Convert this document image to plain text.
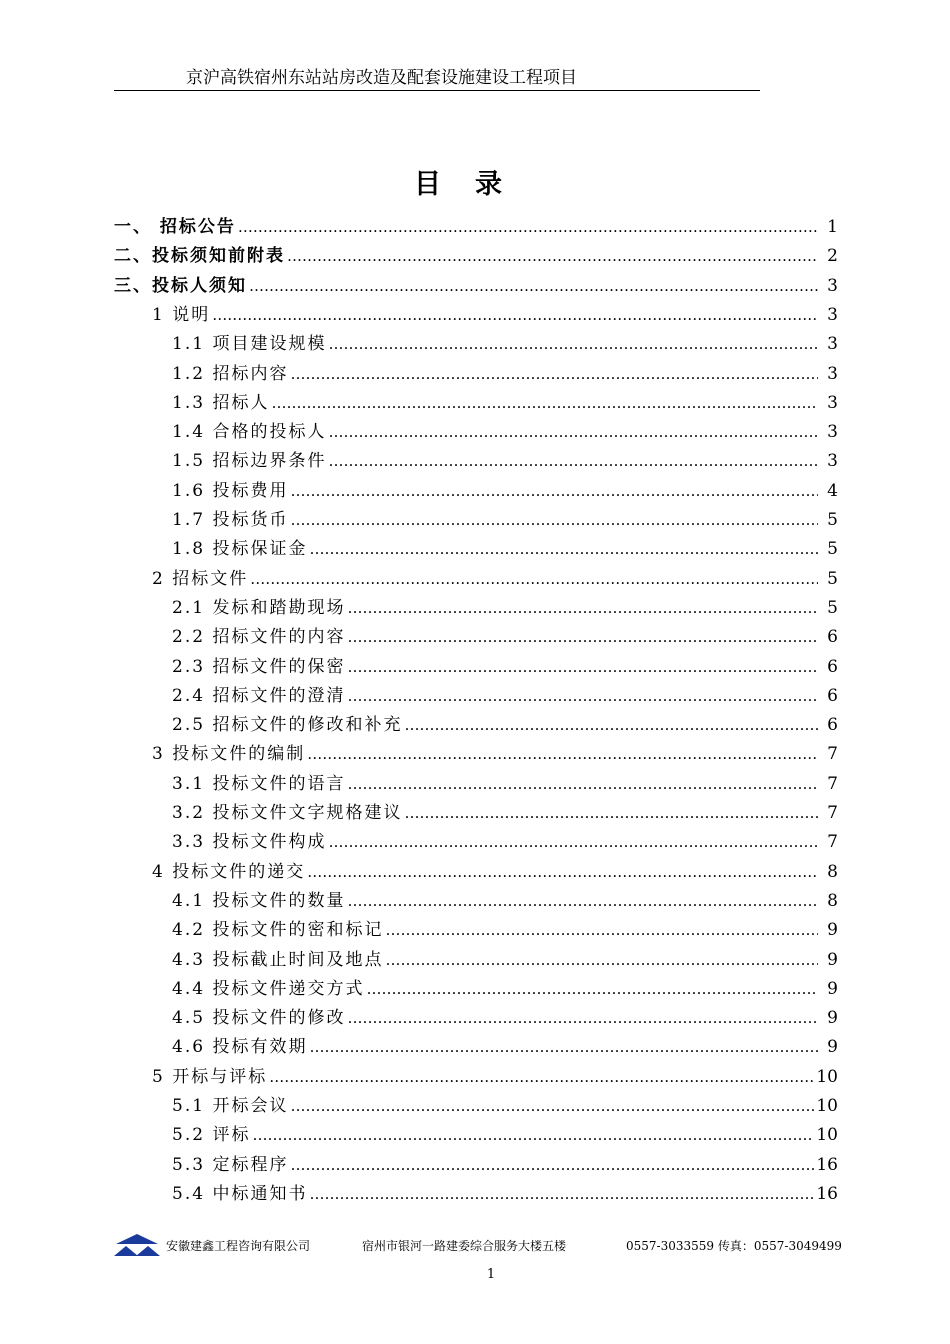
京沪高铁宿州东站站房改造及配套设施建设工程项目
目录
一、 招标公告 ……………………………………………………………………………………………………………………………………………………………………………………	1
二、投标须知前附表 ……………………………………………………………………………………………………………………………………………………………………………………	2
三、投标人须知 ……………………………………………………………………………………………………………………………………………………………………………………	3
1 说明 ……………………………………………………………………………………………………………………………………………………………………………………	3
1.1 项目建设规模 ……………………………………………………………………………………………………………………………………………………………………………………	3
1.2 招标内容 ……………………………………………………………………………………………………………………………………………………………………………………	3
1.3 招标人 ……………………………………………………………………………………………………………………………………………………………………………………	3
1.4 合格的投标人 ……………………………………………………………………………………………………………………………………………………………………………………	3
1.5 招标边界条件 ……………………………………………………………………………………………………………………………………………………………………………………	3
1.6 投标费用 ……………………………………………………………………………………………………………………………………………………………………………………	4
1.7 投标货币 ……………………………………………………………………………………………………………………………………………………………………………………	5
1.8 投标保证金 ……………………………………………………………………………………………………………………………………………………………………………………	5
2 招标文件 ……………………………………………………………………………………………………………………………………………………………………………………	5
2.1 发标和踏勘现场 ……………………………………………………………………………………………………………………………………………………………………………………	5
2.2 招标文件的内容 ……………………………………………………………………………………………………………………………………………………………………………………	6
2.3 招标文件的保密 ……………………………………………………………………………………………………………………………………………………………………………………	6
2.4 招标文件的澄清 ……………………………………………………………………………………………………………………………………………………………………………………	6
2.5 招标文件的修改和补充 ……………………………………………………………………………………………………………………………………………………………………………………	6
3 投标文件的编制 ……………………………………………………………………………………………………………………………………………………………………………………	7
3.1 投标文件的语言 ……………………………………………………………………………………………………………………………………………………………………………………	7
3.2 投标文件文字规格建议 ……………………………………………………………………………………………………………………………………………………………………………………	7
3.3 投标文件构成 ……………………………………………………………………………………………………………………………………………………………………………………	7
4 投标文件的递交 ……………………………………………………………………………………………………………………………………………………………………………………	8
4.1 投标文件的数量 ……………………………………………………………………………………………………………………………………………………………………………………	8
4.2 投标文件的密和标记 ……………………………………………………………………………………………………………………………………………………………………………………	9
4.3 投标截止时间及地点 ……………………………………………………………………………………………………………………………………………………………………………………	9
4.4 投标文件递交方式 ……………………………………………………………………………………………………………………………………………………………………………………	9
4.5 投标文件的修改 ……………………………………………………………………………………………………………………………………………………………………………………	9
4.6 投标有效期 ……………………………………………………………………………………………………………………………………………………………………………………	9
5 开标与评标 ……………………………………………………………………………………………………………………………………………………………………………………	10
5.1 开标会议 ……………………………………………………………………………………………………………………………………………………………………………………	10
5.2 评标 ……………………………………………………………………………………………………………………………………………………………………………………	10
5.3 定标程序 ……………………………………………………………………………………………………………………………………………………………………………………	16
5.4 中标通知书 ……………………………………………………………………………………………………………………………………………………………………………………	16
安徽建鑫工程咨询有限公司	宿州市银河一路建委综合服务大楼五楼	0557-3033559 传真：0557-3049499
1
